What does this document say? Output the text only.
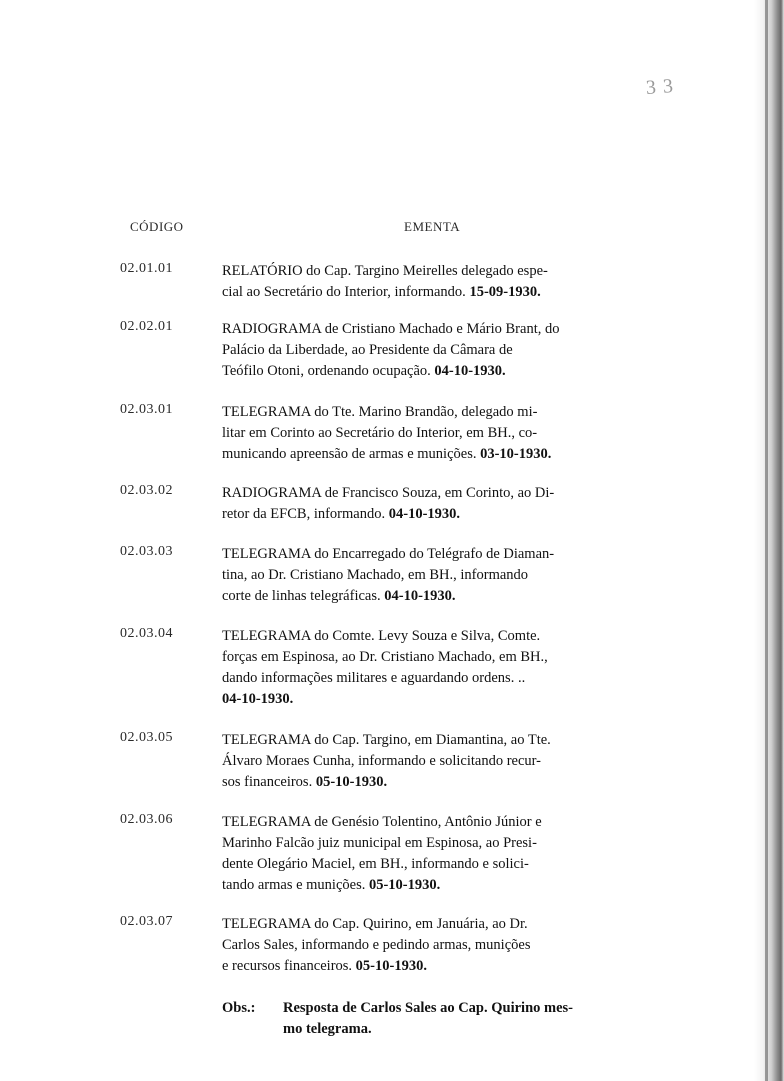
3 3
CÓDIGO	EMENTA
02.01.01	RELATÓRIO do Cap. Targino Meirelles delegado espe-
cial ao Secretário do Interior, informando. 15-09-1930.
02.02.01	RADIOGRAMA de Cristiano Machado e Mário Brant, do
Palácio da Liberdade, ao Presidente da Câmara de
Teófilo Otoni, ordenando ocupação. 04-10-1930.
02.03.01	TELEGRAMA do Tte. Marino Brandão, delegado mi-
litar em Corinto ao Secretário do Interior, em BH., co-
municando apreensão de armas e munições. 03-10-1930.
02.03.02	RADIOGRAMA de Francisco Souza, em Corinto, ao Di-
retor da EFCB, informando. 04-10-1930.
02.03.03	TELEGRAMA do Encarregado do Telégrafo de Diaman-
tina, ao Dr. Cristiano Machado, em BH., informando
corte de linhas telegráficas. 04-10-1930.
02.03.04	TELEGRAMA do Comte. Levy Souza e Silva, Comte.
forças em Espinosa, ao Dr. Cristiano Machado, em BH.,
dando informações militares e aguardando ordens. ..
04-10-1930.
02.03.05	TELEGRAMA do Cap. Targino, em Diamantina, ao Tte.
Álvaro Moraes Cunha, informando e solicitando recur-
sos financeiros. 05-10-1930.
02.03.06	TELEGRAMA de Genésio Tolentino, Antônio Júnior e
Marinho Falcão juiz municipal em Espinosa, ao Presi-
dente Olegário Maciel, em BH., informando e solici-
tando armas e munições. 05-10-1930.
02.03.07	TELEGRAMA do Cap. Quirino, em Januária, ao Dr.
Carlos Sales, informando e pedindo armas, munições
e recursos financeiros. 05-10-1930.
Obs.: Resposta de Carlos Sales ao Cap. Quirino mes-
mo telegrama.
